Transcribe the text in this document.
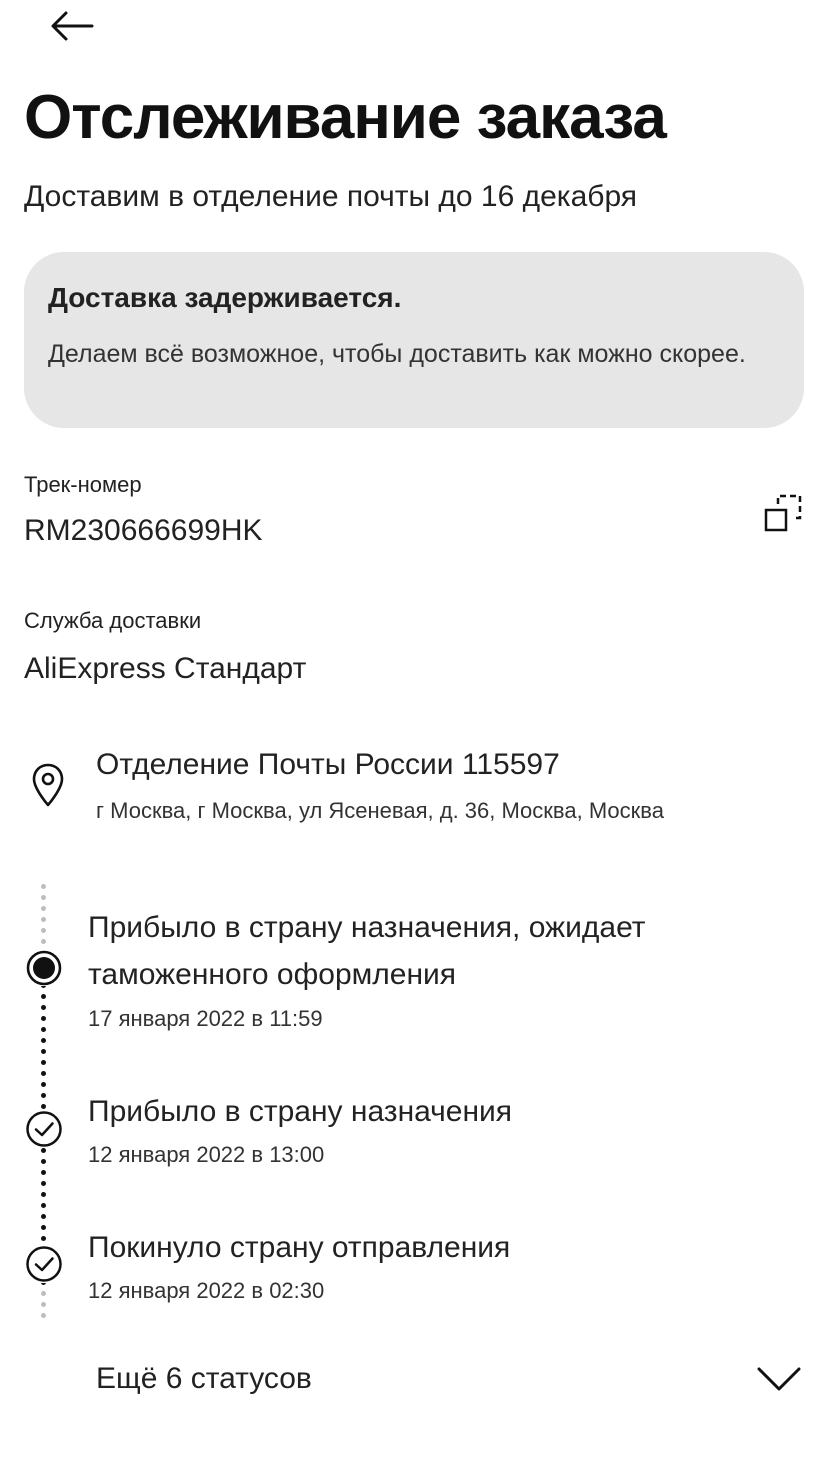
Отслеживание заказа
Доставим в отделение почты до 16 декабря
Доставка задерживается.
Делаем всё возможное, чтобы доставить как можно скорее.
Трек-номер
RM230666699HK
Служба доставки
AliExpress Стандарт
Отделение Почты России 115597
г Москва, г Москва, ул Ясеневая, д. 36, Москва, Москва
Прибыло в страну назначения, ожидает таможенного оформления
17 января 2022 в 11:59
Прибыло в страну назначения
12 января 2022 в 13:00
Покинуло страну отправления
12 января 2022 в 02:30
Ещё 6 статусов
